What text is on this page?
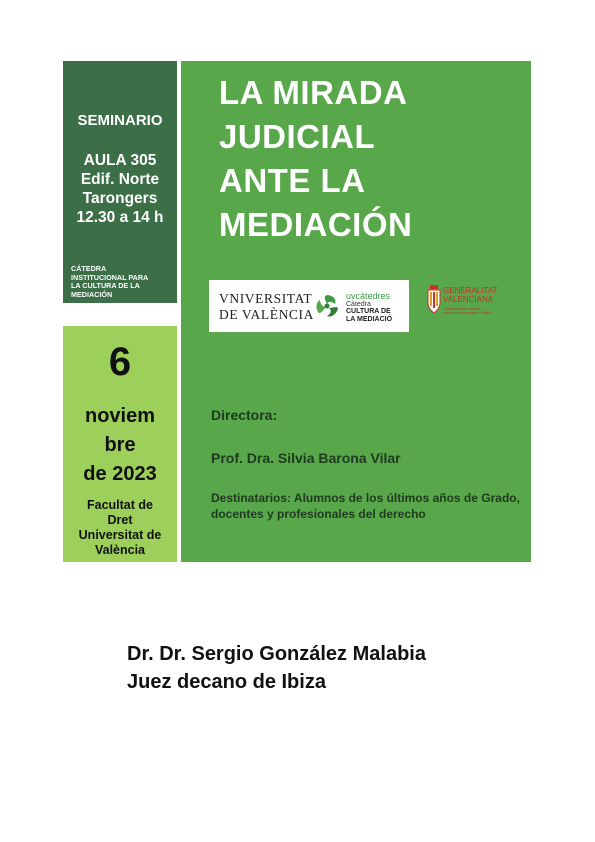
SEMINARIO
AULA 305
Edif. Norte
Tarongers
12.30 a 14 h
CÁTEDRA
INSTITUCIONAL PARA
LA CULTURA DE LA
MEDIACIÓN
6
noviem
bre
de 2023
Facultat de
Dret
Universitat de
València
LA MIRADA
JUDICIAL
ANTE LA
MEDIACIÓN
VNIVERSITAT
DE VALÈNCIA
uvcàtedres
Càtedra
CULTURA DE
LA MEDIACIÓ
GENERALITAT
VALENCIANA
Conselleria de Justícia,
Interior i Administració Pública
Directora:
Prof. Dra. Silvia Barona Vilar
Destinatarios: Alumnos de los últimos años de Grado, docentes y profesionales del derecho
Dr. Dr. Sergio González Malabia
Juez decano de Ibiza
